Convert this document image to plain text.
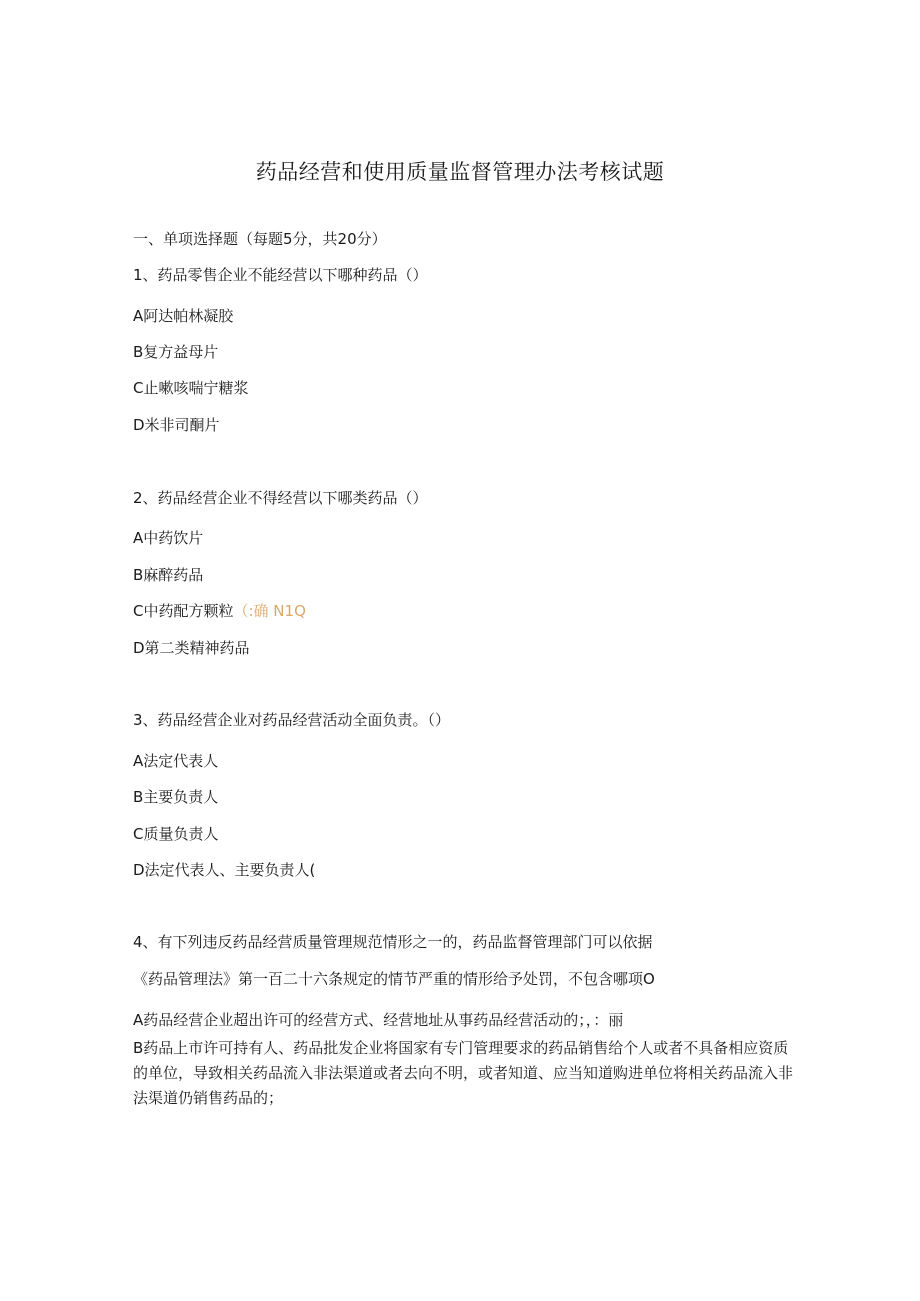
药品经营和使用质量监督管理办法考核试题
一、单项选择题（每题5分，共20分）
1、药品零售企业不能经营以下哪种药品（）
A阿达帕林凝胶
B复方益母片
C止嗽咳喘宁糖浆
D米非司酮片
2、药品经营企业不得经营以下哪类药品（）
A中药饮片
B麻醉药品
C中药配方颗粒（:确 N1Q
D第二类精神药品
3、药品经营企业对药品经营活动全面负责。（）
A法定代表人
B主要负责人
C质量负责人
D法定代表人、主要负责人(
4、有下列违反药品经营质量管理规范情形之一的，药品监督管理部门可以依据
《药品管理法》第一百二十六条规定的情节严重的情形给予处罚，不包含哪项O
A药品经营企业超出许可的经营方式、经营地址从事药品经营活动的；，：丽
B药品上市许可持有人、药品批发企业将国家有专门管理要求的药品销售给个人或者不具备相应资质的单位，导致相关药品流入非法渠道或者去向不明，或者知道、应当知道购进单位将相关药品流入非法渠道仍销售药品的；
